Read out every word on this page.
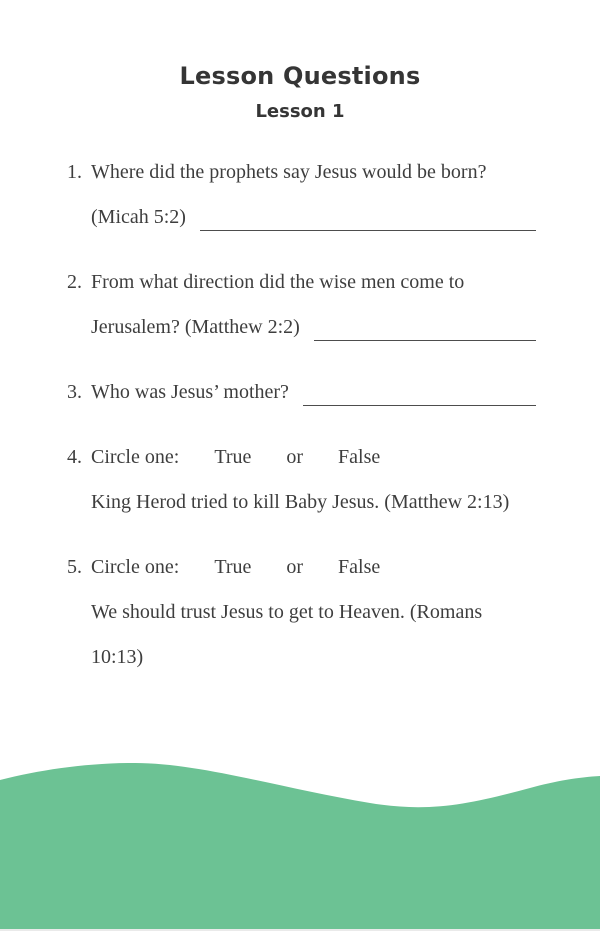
Lesson Questions
Lesson 1
1. Where did the prophets say Jesus would be born?
(Micah 5:2)
2. From what direction did the wise men come to
Jerusalem? (Matthew 2:2)
3. Who was Jesus’ mother?
4. Circle one: True or False
King Herod tried to kill Baby Jesus. (Matthew 2:13)
5. Circle one: True or False
We should trust Jesus to get to Heaven. (Romans
10:13)
